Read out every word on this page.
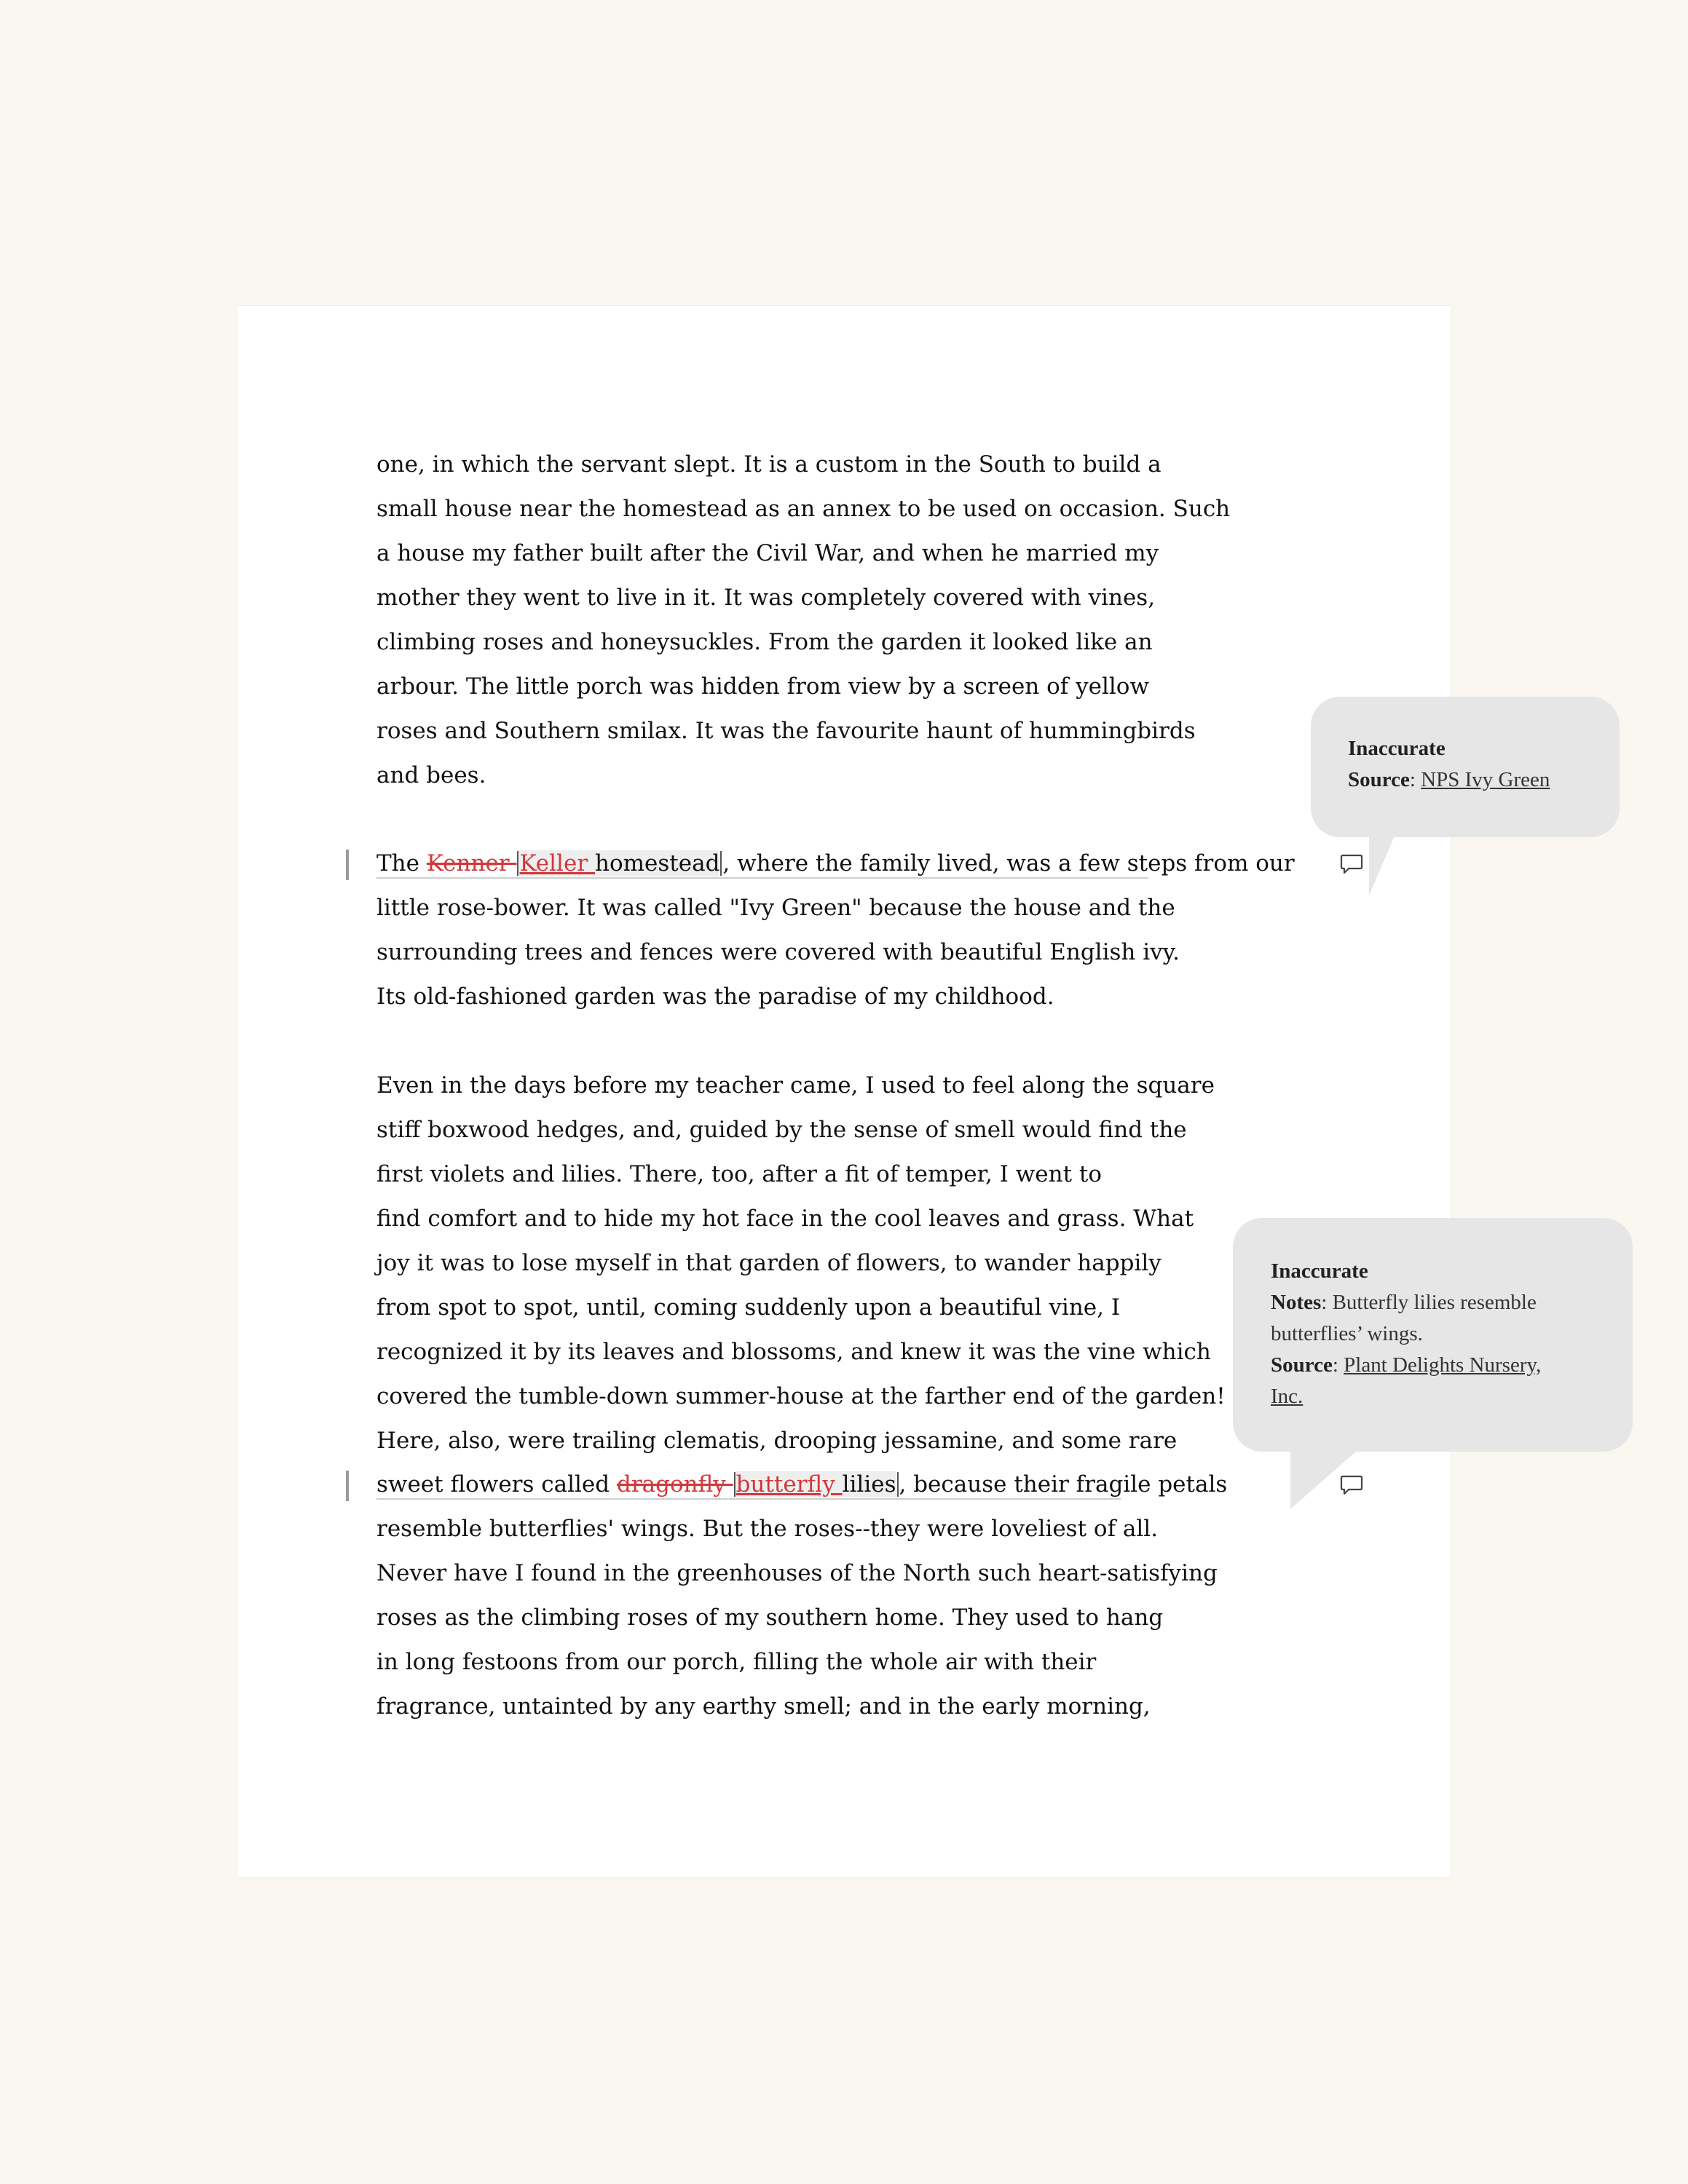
one, in which the servant slept. It is a custom in the South to build a
small house near the homestead as an annex to be used on occasion. Such
a house my father built after the Civil War, and when he married my
mother they went to live in it. It was completely covered with vines,
climbing roses and honeysuckles. From the garden it looked like an
arbour. The little porch was hidden from view by a screen of yellow
roses and Southern smilax. It was the favourite haunt of hummingbirds
and bees.
The Kenner Keller homestead , where the family lived, was a few steps from our
little rose-bower. It was called "Ivy Green" because the house and the
surrounding trees and fences were covered with beautiful English ivy.
Its old-fashioned garden was the paradise of my childhood.
Even in the days before my teacher came, I used to feel along the square
stiff boxwood hedges, and, guided by the sense of smell would find the
first violets and lilies. There, too, after a fit of temper, I went to
find comfort and to hide my hot face in the cool leaves and grass. What
joy it was to lose myself in that garden of flowers, to wander happily
from spot to spot, until, coming suddenly upon a beautiful vine, I
recognized it by its leaves and blossoms, and knew it was the vine which
covered the tumble-down summer-house at the farther end of the garden!
Here, also, were trailing clematis, drooping jessamine, and some rare
sweet flowers called dragonfly butterfly lilies , because their fragile petals
resemble butterflies' wings. But the roses--they were loveliest of all.
Never have I found in the greenhouses of the North such heart-satisfying
roses as the climbing roses of my southern home. They used to hang
in long festoons from our porch, filling the whole air with their
fragrance, untainted by any earthy smell; and in the early morning,
Inaccurate
Source: NPS Ivy Green
Inaccurate
Notes: Butterfly lilies resemble
butterflies’ wings.
Source: Plant Delights Nursery,
Inc.
